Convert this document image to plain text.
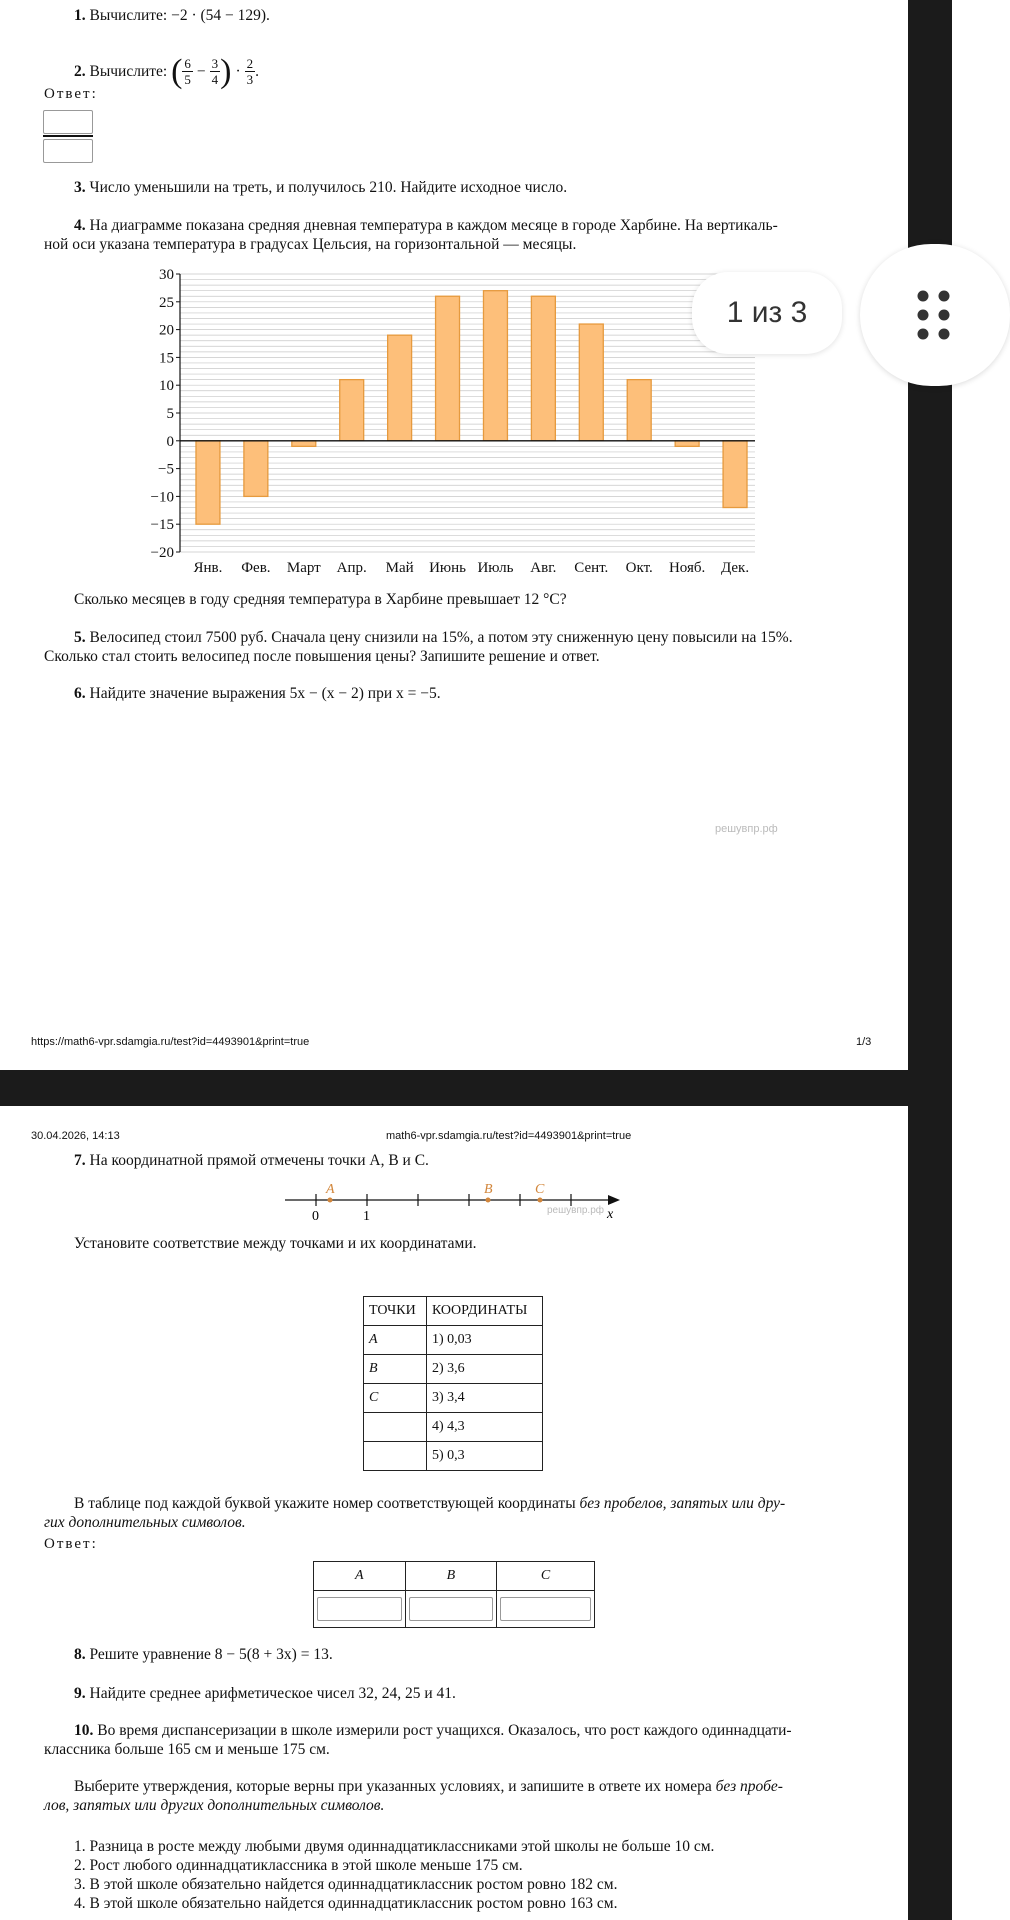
1. Вычислите: −2 · (54 − 129).
2.
Вычислите:
( $\frac{6}{5} - \frac{3}{4}$ ) · $\frac{2}{3}$ .
Ответ:
3. Число уменьшили на треть, и получилось 210. Найдите исходное число.
4. На диаграмме показана средняя дневная температура в каждом месяце в городе Харбине. На вертикаль-
ной оси указана температура в градусах Цельсия, на горизонтальной — месяцы.
30
25
20
15
10
5
0
−5
−10
−15
−20
Янв. Фев. Март Апр. Май Июнь Июль Авг. Сент. Окт. Нояб. Дек.
решувпр.рф
Сколько месяцев в году средняя температура в Харбине превышает 12 °C?
5. Велосипед стоил 7500 руб. Сначала цену снизили на 15%, а потом эту сниженную цену повысили на 15%.
Сколько стал стоить велосипед после повышения цены? Запишите решение и ответ.
6. Найдите значение выражения 5x − (x − 2) при x = −5.
https://math6-vpr.sdamgia.ru/test?id=4493901&print=true	1/3
1 из 3
30.04.2026, 14:13	math6-vpr.sdamgia.ru/test?id=4493901&print=true
7. На координатной прямой отмечены точки A, B и C.
A	B	C
0	1	x
решувпр.рф
Установите соответствие между точками и их координатами.
ТОЧКИ	КООРДИНАТЫ
A	1) 0,03
B	2) 3,6
C	3) 3,4
	4) 4,3
	5) 0,3
В таблице под каждой буквой укажите номер соответствующей координаты без пробелов, запятых или дру-
гих дополнительных символов.
Ответ:
A	B	C

8. Решите уравнение 8 − 5(8 + 3x) = 13.
9. Найдите среднее арифметическое чисел 32, 24, 25 и 41.
10. Во время диспансеризации в школе измерили рост учащихся. Оказалось, что рост каждого одиннадцати-
классника больше 165 см и меньше 175 см.
Выберите утверждения, которые верны при указанных условиях, и запишите в ответе их номера без пробе-
лов, запятых или других дополнительных символов.
1. Разница в росте между любыми двумя одиннадцатиклассниками этой школы не больше 10 см.
2. Рост любого одиннадцатиклассника в этой школе меньше 175 см.
3. В этой школе обязательно найдется одиннадцатиклассник ростом ровно 182 см.
4. В этой школе обязательно найдется одиннадцатиклассник ростом ровно 163 см.
